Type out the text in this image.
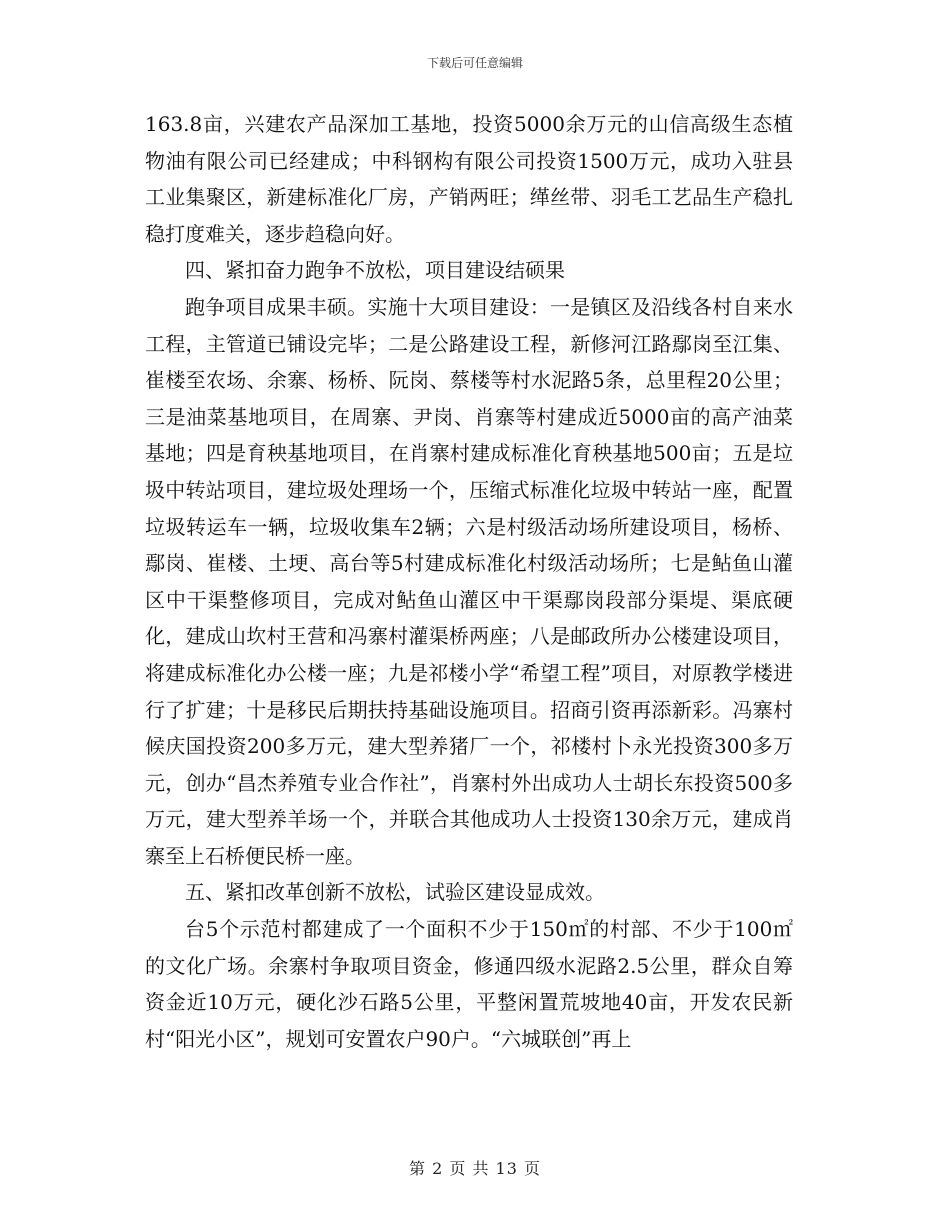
下载后可任意编辑

163.8亩，兴建农产品深加工基地，投资5000余万元的山信高级生态植物油有限公司已经建成；中科钢构有限公司投资1500万元，成功入驻县工业集聚区，新建标准化厂房，产销两旺；缂丝带、羽毛工艺品生产稳扎稳打度难关，逐步趋稳向好。

四、紧扣奋力跑争不放松，项目建设结硕果

跑争项目成果丰硕。实施十大项目建设：一是镇区及沿线各村自来水工程，主管道已铺设完毕；二是公路建设工程，新修河江路鄢岗至江集、崔楼至农场、余寨、杨桥、阮岗、蔡楼等村水泥路5条，总里程20公里；三是油菜基地项目，在周寨、尹岗、肖寨等村建成近5000亩的高产油菜基地；四是育秧基地项目，在肖寨村建成标准化育秧基地500亩；五是垃圾中转站项目，建垃圾处理场一个，压缩式标准化垃圾中转站一座，配置垃圾转运车一辆，垃圾收集车2辆；六是村级活动场所建设项目，杨桥、鄢岗、崔楼、土埂、高台等5村建成标准化村级活动场所；七是鲇鱼山灌区中干渠整修项目，完成对鲇鱼山灌区中干渠鄢岗段部分渠堤、渠底硬化，建成山坎村王营和冯寨村灌渠桥两座；八是邮政所办公楼建设项目，将建成标准化办公楼一座；九是祁楼小学“希望工程”项目，对原教学楼进行了扩建；十是移民后期扶持基础设施项目。招商引资再添新彩。冯寨村候庆国投资200多万元，建大型养猪厂一个，祁楼村卜永光投资300多万元，创办“昌杰养殖专业合作社”，肖寨村外出成功人士胡长东投资500多万元，建大型养羊场一个，并联合其他成功人士投资130余万元，建成肖寨至上石桥便民桥一座。

五、紧扣改革创新不放松，试验区建设显成效。

台5个示范村都建成了一个面积不少于150㎡的村部、不少于100㎡的文化广场。余寨村争取项目资金，修通四级水泥路2.5公里，群众自筹资金近10万元，硬化沙石路5公里，平整闲置荒坡地40亩，开发农民新村“阳光小区”，规划可安置农户90户。“六城联创”再上

第 2 页 共 13 页
